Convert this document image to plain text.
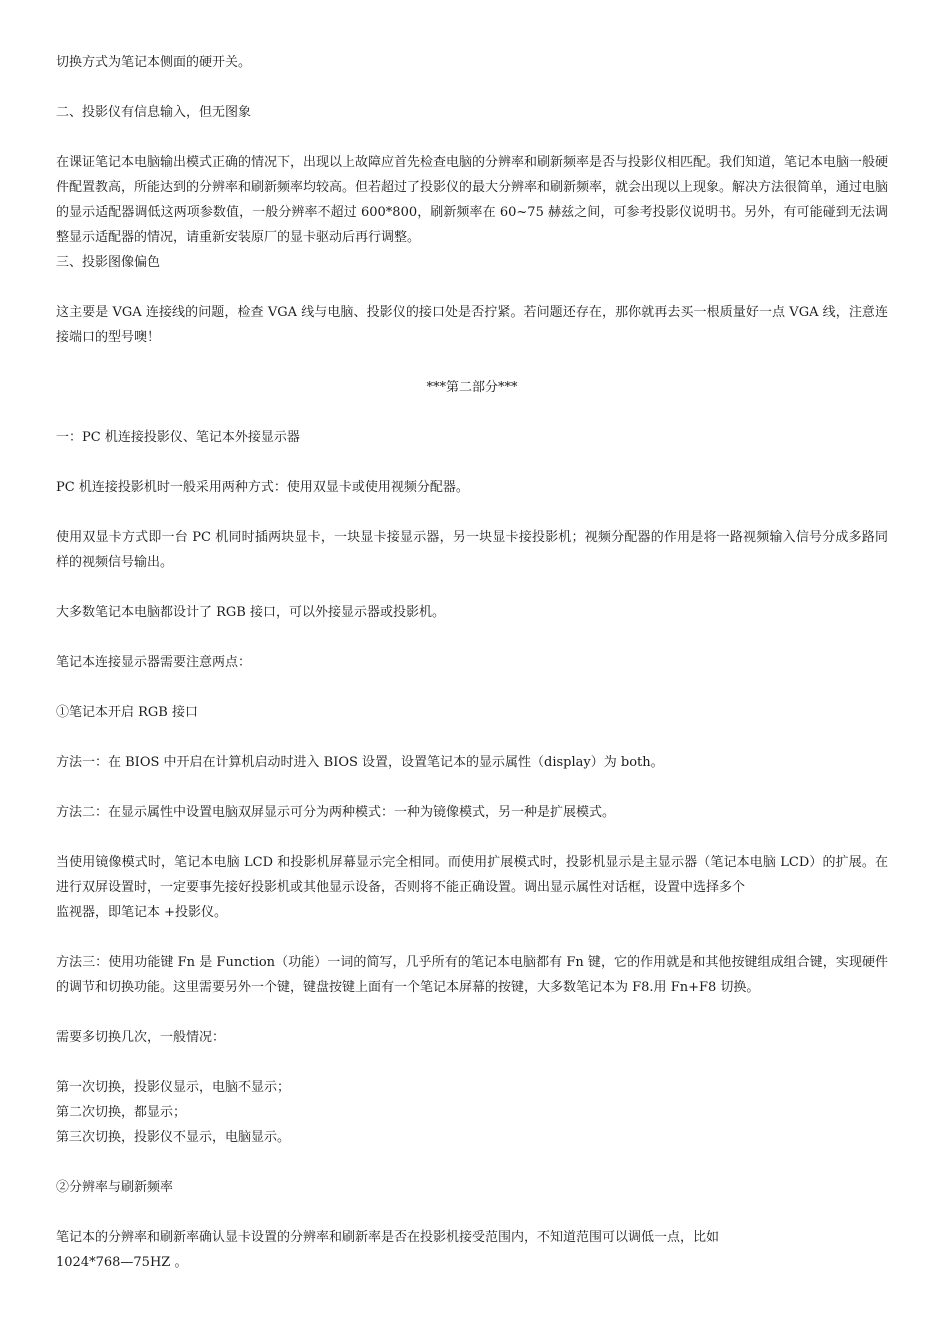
切换方式为笔记本侧面的硬开关。

二、投影仪有信息输入，但无图象

在课证笔记本电脑输出模式正确的情况下，出现以上故障应首先检查电脑的分辨率和刷新频率是否与投影仪相匹配。我们知道，笔记本电脑一般硬件配置教高，所能达到的分辨率和刷新频率均较高。但若超过了投影仪的最大分辨率和刷新频率，就会出现以上现象。解决方法很简单，通过电脑的显示适配器调低这两项参数值，一般分辨率不超过 600*800，刷新频率在 60~75 赫兹之间，可参考投影仪说明书。另外，有可能碰到无法调整显示适配器的情况，请重新安装原厂的显卡驱动后再行调整。

三、投影图像偏色

这主要是 VGA 连接线的问题，检查 VGA 线与电脑、投影仪的接口处是否拧紧。若问题还存在，那你就再去买一根质量好一点 VGA 线，注意连接端口的型号噢！

***第二部分***

一：PC 机连接投影仪、笔记本外接显示器

PC 机连接投影机时一般采用两种方式：使用双显卡或使用视频分配器。

使用双显卡方式即一台 PC 机同时插两块显卡，一块显卡接显示器，另一块显卡接投影机；视频分配器的作用是将一路视频输入信号分成多路同样的视频信号输出。

大多数笔记本电脑都设计了 RGB 接口，可以外接显示器或投影机。

笔记本连接显示器需要注意两点：

①笔记本开启 RGB 接口

方法一：在 BIOS 中开启在计算机启动时进入 BIOS 设置，设置笔记本的显示属性（display）为 both。

方法二：在显示属性中设置电脑双屏显示可分为两种模式：一种为镜像模式，另一种是扩展模式。

当使用镜像模式时，笔记本电脑 LCD 和投影机屏幕显示完全相同。而使用扩展模式时，投影机显示是主显示器（笔记本电脑 LCD）的扩展。在进行双屏设置时，一定要事先接好投影机或其他显示设备，否则将不能正确设置。调出显示属性对话框，设置中选择多个

监视器，即笔记本 +投影仪。

方法三：使用功能键 Fn 是 Function（功能）一词的简写，几乎所有的笔记本电脑都有 Fn 键，它的作用就是和其他按键组成组合键，实现硬件的调节和切换功能。这里需要另外一个键，键盘按键上面有一个笔记本屏幕的按键，大多数笔记本为 F8.用 Fn+F8 切换。

需要多切换几次，一般情况：

第一次切换，投影仪显示，电脑不显示；

第二次切换，都显示；

第三次切换，投影仪不显示，电脑显示。

②分辨率与刷新频率

笔记本的分辨率和刷新率确认显卡设置的分辨率和刷新率是否在投影机接受范围内，不知道范围可以调低一点，比如

1024*768—75HZ 。
